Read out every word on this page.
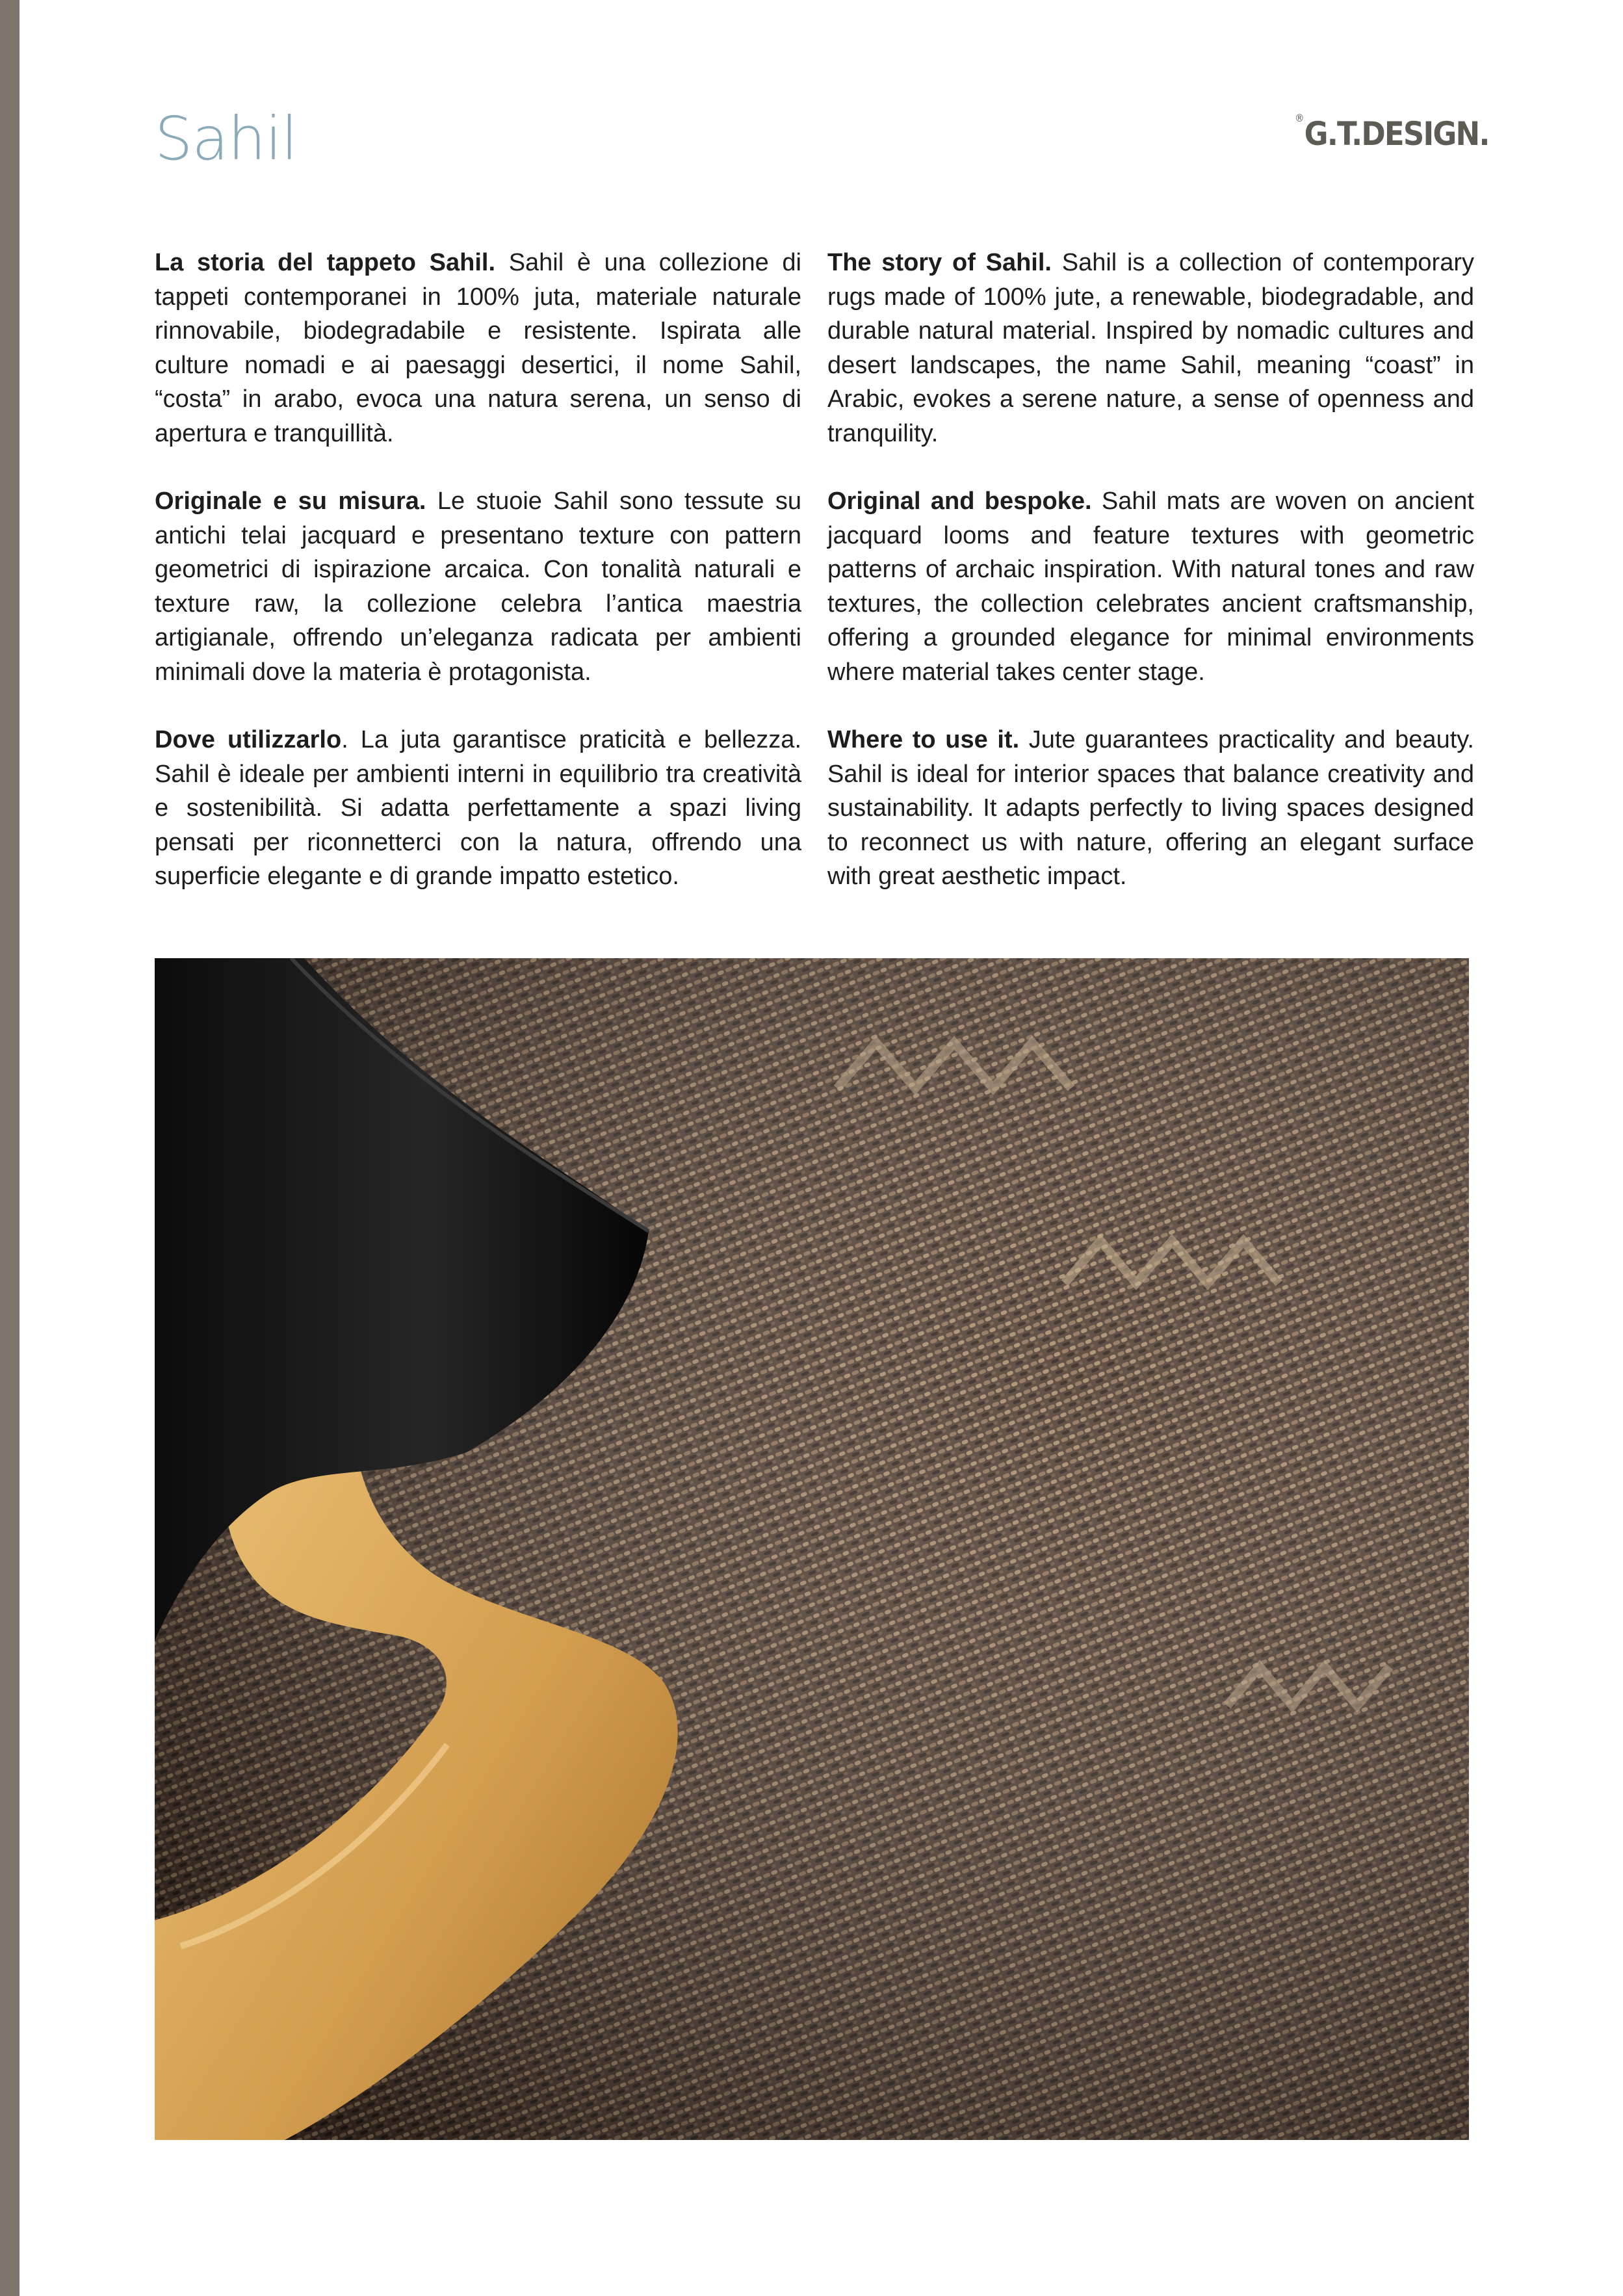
Sahil	®G.T.DESIGN.

La storia del tappeto Sahil. Sahil è una collezione di tappeti contemporanei in 100% juta, materiale naturale rinnovabile, biodegradabile e resistente. Ispirata alle culture nomadi e ai paesaggi desertici, il nome Sahil, “costa” in arabo, evoca una natura serena, un senso di apertura e tranquillità.

Originale e su misura. Le stuoie Sahil sono tessute su antichi telai jacquard e presentano texture con pattern geometrici di ispirazione arcaica. Con tonalità naturali e texture raw, la collezione celebra l’antica maestria artigianale, offrendo un’eleganza radicata per ambienti minimali dove la materia è protagonista.

Dove utilizzarlo. La juta garantisce praticità e bellezza. Sahil è ideale per ambienti interni in equilibrio tra creatività e sostenibilità. Si adatta perfettamente a spazi living pensati per riconnetterci con la natura, offrendo una superficie elegante e di grande impatto estetico.

The story of Sahil. Sahil is a collection of contemporary rugs made of 100% jute, a renewable, biodegradable, and durable natural material. Inspired by nomadic cultures and desert landscapes, the name Sahil, meaning “coast” in Arabic, evokes a serene nature, a sense of openness and tranquility.

Original and bespoke. Sahil mats are woven on ancient jacquard looms and feature textures with geometric patterns of archaic inspiration. With natural tones and raw textures, the collection celebrates ancient craftsmanship, offering a grounded elegance for minimal environments where material takes center stage.

Where to use it. Jute guarantees practicality and beauty. Sahil is ideal for interior spaces that balance creativity and sustainability. It adapts perfectly to living spaces designed to reconnect us with nature, offering an elegant surface with great aesthetic impact.
